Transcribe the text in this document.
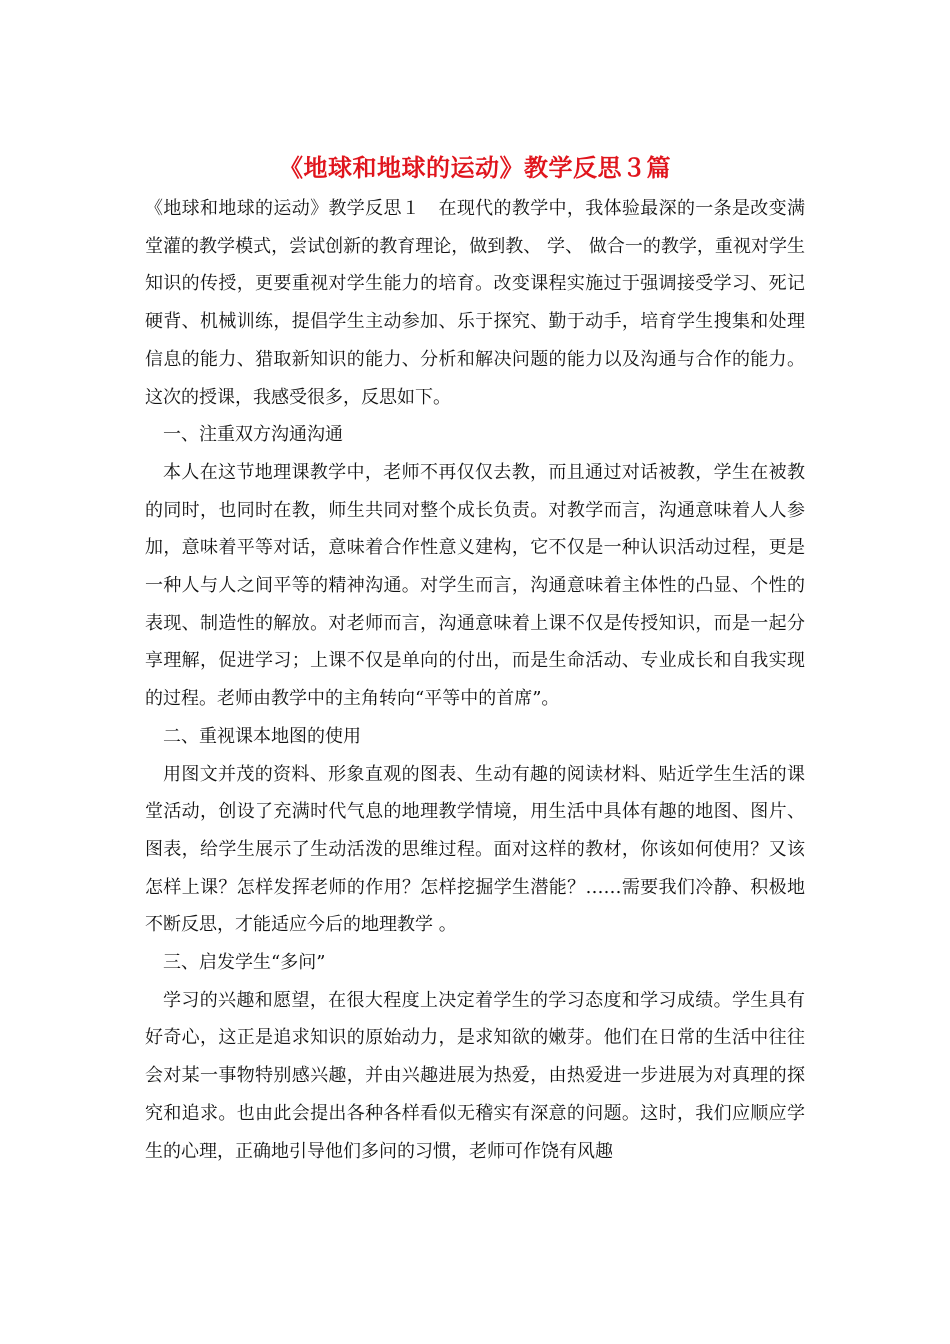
《地球和地球的运动》教学反思３篇

《地球和地球的运动》教学反思１　在现代的教学中，我体验最深的一条是改变满堂灌的教学模式，尝试创新的教育理论，做到教、 学、 做合一的教学，重视对学生知识的传授，更要重视对学生能力的培育。改变课程实施过于强调接受学习、死记硬背、机械训练，提倡学生主动参加、乐于探究、勤于动手，培育学生搜集和处理信息的能力、猎取新知识的能力、分析和解决问题的能力以及沟通与合作的能力。这次的授课，我感受很多，反思如下。

一、注重双方沟通沟通

本人在这节地理课教学中，老师不再仅仅去教，而且通过对话被教，学生在被教的同时，也同时在教，师生共同对整个成长负责。对教学而言，沟通意味着人人参加，意味着平等对话，意味着合作性意义建构，它不仅是一种认识活动过程，更是一种人与人之间平等的精神沟通。对学生而言，沟通意味着主体性的凸显、个性的表现、制造性的解放。对老师而言，沟通意味着上课不仅是传授知识，而是一起分享理解，促进学习；上课不仅是单向的付出，而是生命活动、专业成长和自我实现的过程。老师由教学中的主角转向“平等中的首席”。

二、重视课本地图的使用

用图文并茂的资料、形象直观的图表、生动有趣的阅读材料、贴近学生生活的课堂活动，创设了充满时代气息的地理教学情境，用生活中具体有趣的地图、图片、图表，给学生展示了生动活泼的思维过程。面对这样的教材，你该如何使用？又该怎样上课？怎样发挥老师的作用？怎样挖掘学生潜能？……需要我们冷静、积极地不断反思，才能适应今后的地理教学 。

三、启发学生“多问”

学习的兴趣和愿望，在很大程度上决定着学生的学习态度和学习成绩。学生具有好奇心，这正是追求知识的原始动力，是求知欲的嫩芽。他们在日常的生活中往往会对某一事物特别感兴趣，并由兴趣进展为热爱，由热爱进一步进展为对真理的探究和追求。也由此会提出各种各样看似无稽实有深意的问题。这时，我们应顺应学生的心理，正确地引导他们多问的习惯，老师可作饶有风趣
